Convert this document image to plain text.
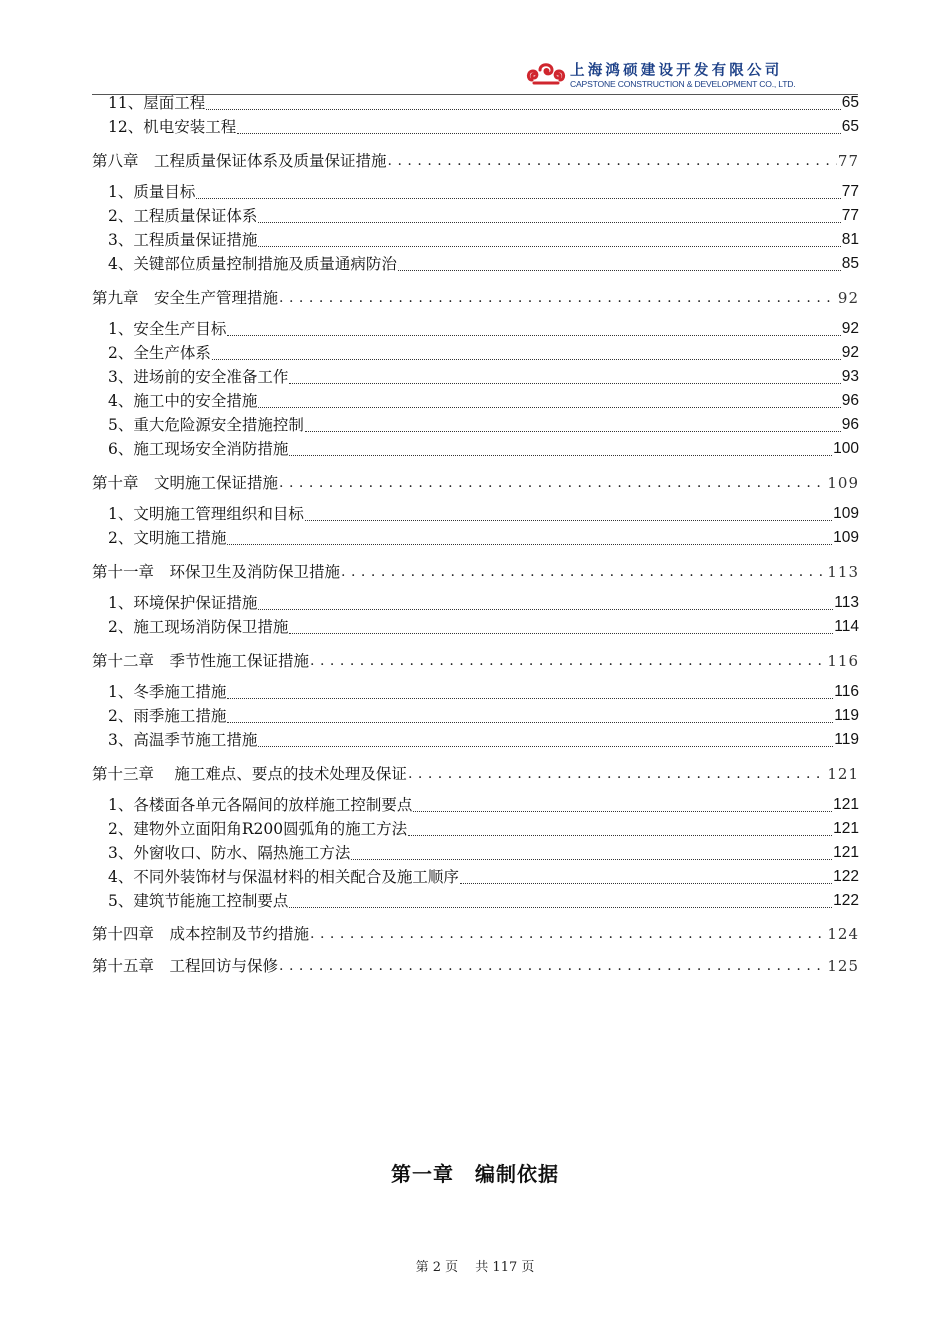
上海鸿硕建设开发有限公司
CAPSTONE CONSTRUCTION & DEVELOPMENT CO., LTD.
11、屋面工程	65
12、机电安装工程	65
第八章　工程质量保证体系及质量保证措施 .....	77
1、质量目标	77
2、工程质量保证体系	77
3、工程质量保证措施	81
4、关键部位质量控制措施及质量通病防治	85
第九章　安全生产管理措施 .....	92
1、安全生产目标	92
2、全生产体系	92
3、进场前的安全准备工作	93
4、施工中的安全措施	96
5、重大危险源安全措施控制	96
6、施工现场安全消防措施	100
第十章　文明施工保证措施 .....	109
1、文明施工管理组织和目标	109
2、文明施工措施	109
第十一章　环保卫生及消防保卫措施 .....	113
1、环境保护保证措施	113
2、施工现场消防保卫措施	114
第十二章　季节性施工保证措施 .....	116
1、冬季施工措施	116
2、雨季施工措施	119
3、高温季节施工措施	119
第十三章　 施工难点、要点的技术处理及保证 .....	121
1、各楼面各单元各隔间的放样施工控制要点	121
2、建物外立面阳角R200圆弧角的施工方法	121
3、外窗收口、防水、隔热施工方法	121
4、不同外装饰材与保温材料的相关配合及施工顺序	122
5、建筑节能施工控制要点	122
第十四章　成本控制及节约措施 .....	124
第十五章　工程回访与保修 .....	125
第一章　编制依据
第 2 页　 共 117 页
